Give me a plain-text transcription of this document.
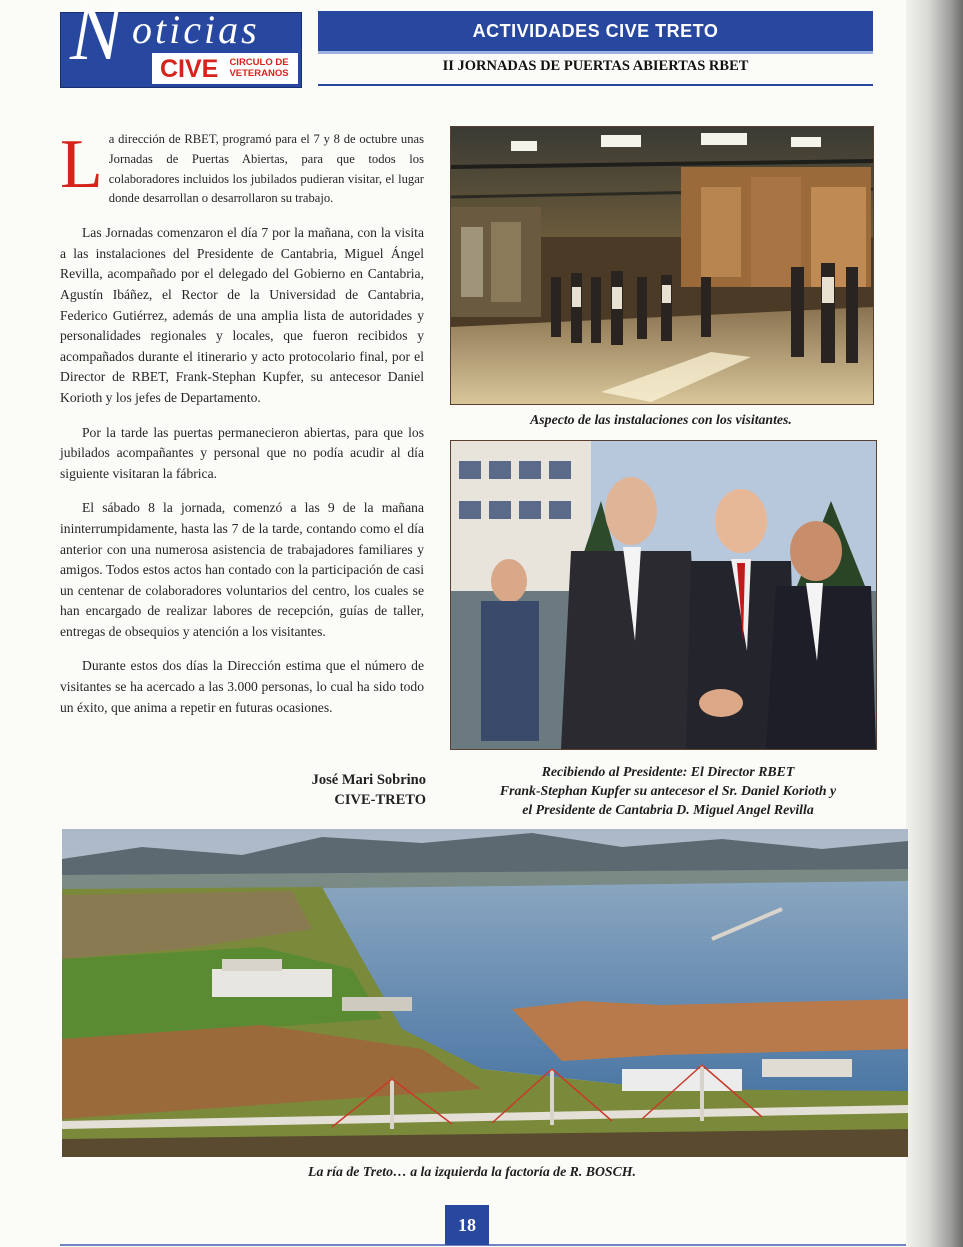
N oticias
CIVE	CIRCULO DE
VETERANOS
ACTIVIDADES CIVE TRETO
II JORNADAS DE PUERTAS ABIERTAS RBET

La dirección de RBET, programó para el 7 y 8 de octubre unas Jornadas de Puertas Abiertas, para que todos los colaboradores incluidos los jubilados pudieran visitar, el lugar donde desarrollan o desarrollaron su trabajo.

Las Jornadas comenzaron el día 7 por la mañana, con la visita a las instalaciones del Presidente de Cantabria, Miguel Ángel Revilla, acompañado por el delegado del Gobierno en Cantabria, Agustín Ibáñez, el Rector de la Universidad de Cantabria, Federico Gutiérrez, además de una amplia lista de autoridades y personalidades regionales y locales, que fueron recibidos y acompañados durante el itinerario y acto protocolario final, por el Director de RBET, Frank-Stephan Kupfer, su antecesor Daniel Korioth y los jefes de Departamento.

Por la tarde las puertas permanecieron abiertas, para que los jubilados acompañantes y personal que no podía acudir al día siguiente visitaran la fábrica.

El sábado 8 la jornada, comenzó a las 9 de la mañana ininterrumpidamente, hasta las 7 de la tarde, contando como el día anterior con una numerosa asistencia de trabajadores familiares y amigos. Todos estos actos han contado con la participación de casi un centenar de colaboradores voluntarios del centro, los cuales se han encargado de realizar labores de recepción, guías de taller, entregas de obsequios y atención a los visitantes.

Durante estos dos días la Dirección estima que el número de visitantes se ha acercado a las 3.000 personas, lo cual ha sido todo un éxito, que anima a repetir en futuras ocasiones.

José Mari Sobrino
CIVE-TRETO
Aspecto de las instalaciones con los visitantes.
Recibiendo al Presidente: El Director RBET
Frank-Stephan Kupfer su antecesor el Sr. Daniel Korioth y
el Presidente de Cantabria D. Miguel Angel Revilla
La ría de Treto… a la izquierda la factoría de R. BOSCH.
18
